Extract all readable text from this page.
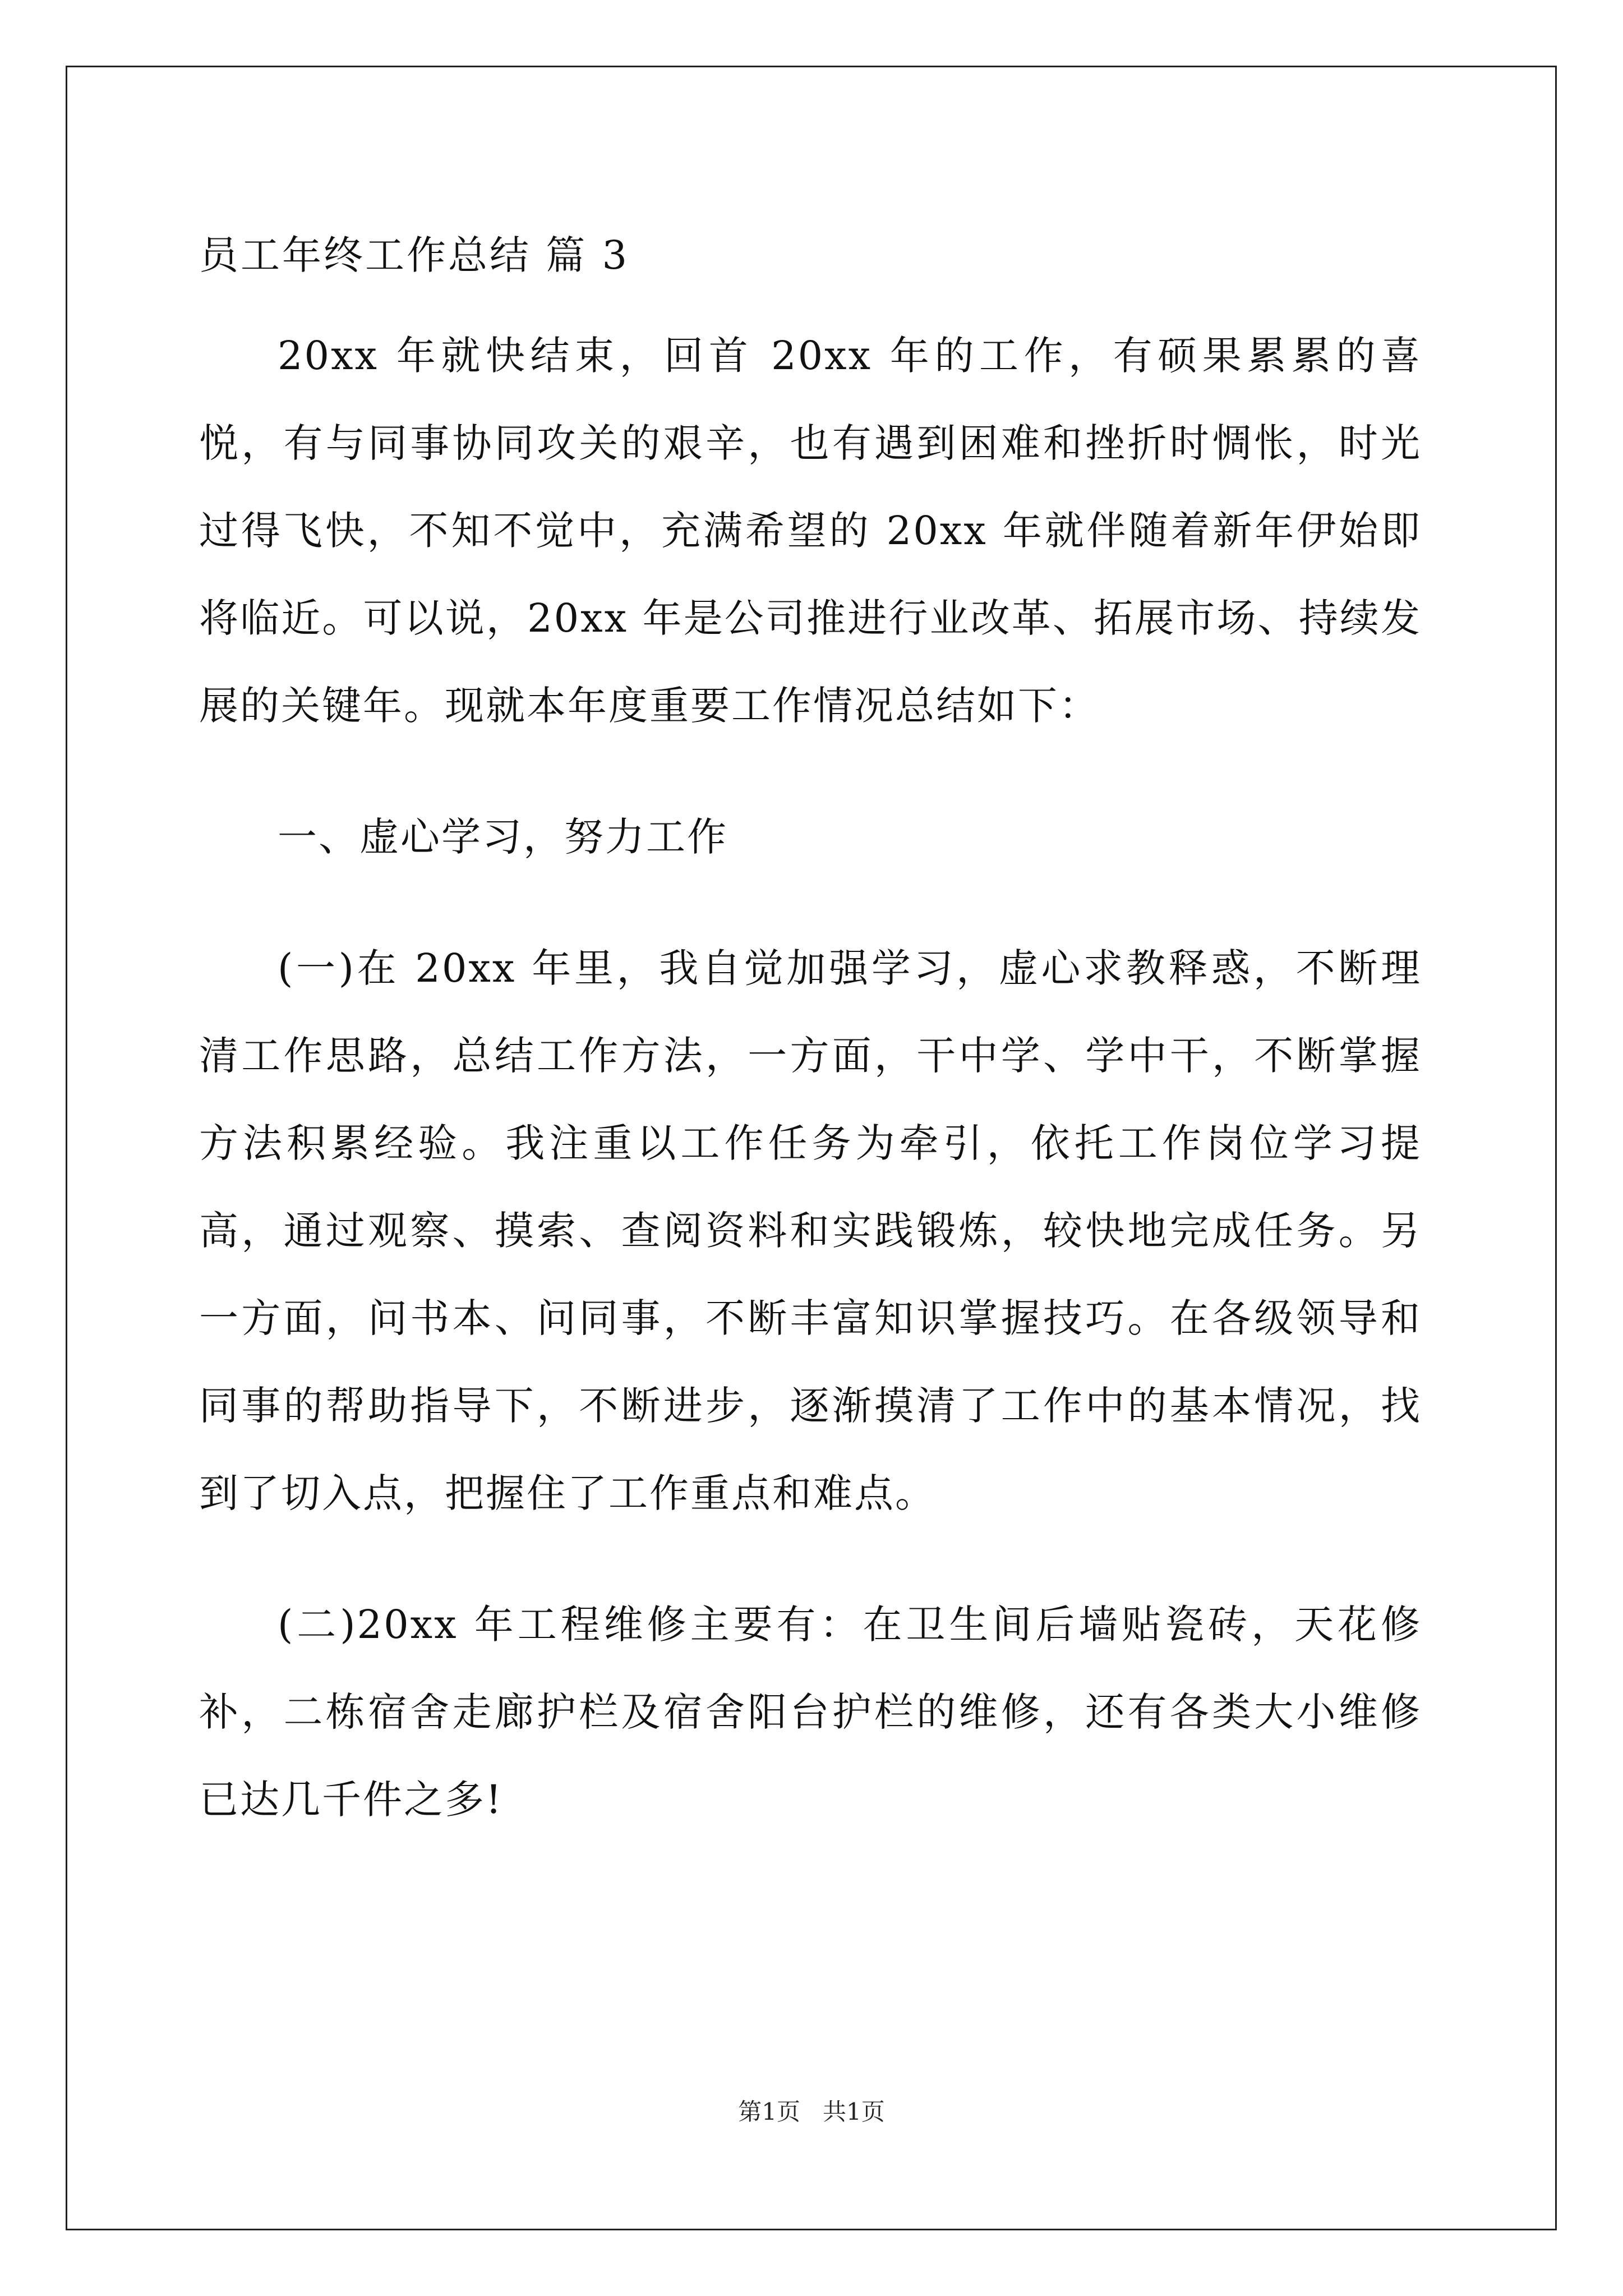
员工年终工作总结 篇 3

20xx 年就快结束，回首 20xx 年的工作，有硕果累累的喜悦，有与同事协同攻关的艰辛，也有遇到困难和挫折时惆怅，时光过得飞快，不知不觉中，充满希望的 20xx 年就伴随着新年伊始即将临近。可以说，20xx 年是公司推进行业改革、拓展市场、持续发展的关键年。现就本年度重要工作情况总结如下：

一、虚心学习，努力工作

(一)在 20xx 年里，我自觉加强学习，虚心求教释惑，不断理清工作思路，总结工作方法，一方面，干中学、学中干，不断掌握方法积累经验。我注重以工作任务为牵引，依托工作岗位学习提高，通过观察、摸索、查阅资料和实践锻炼，较快地完成任务。另一方面，问书本、问同事，不断丰富知识掌握技巧。在各级领导和同事的帮助指导下，不断进步，逐渐摸清了工作中的基本情况，找到了切入点，把握住了工作重点和难点。

(二)20xx 年工程维修主要有：在卫生间后墙贴瓷砖，天花修补，二栋宿舍走廊护栏及宿舍阳台护栏的维修，还有各类大小维修已达几千件之多!

第1页   共1页
